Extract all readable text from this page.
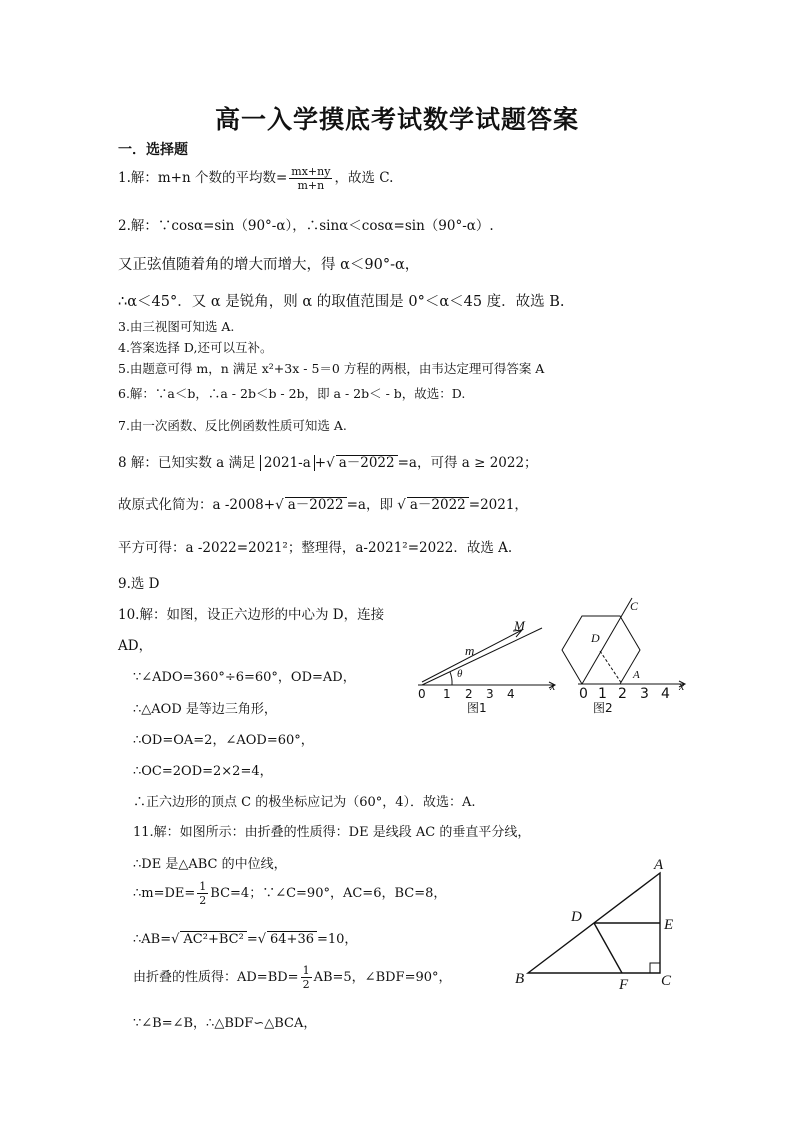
高一入学摸底考试数学试题答案
一．选择题
1.解：m+n 个数的平均数= $\frac{mx+ny}{m+n}$ ，故选 C.
2.解：∵cosα=sin（90°-α），∴sinα＜cosα=sin（90°-α）.
又正弦值随着角的增大而增大，得 α＜90°-α，
∴α＜45°．又 α 是锐角，则 α 的取值范围是 0°＜α＜45 度．故选 B.
3.由三视图可知选 A.
4.答案选择 D,还可以互补。
5.由题意可得 m，n 满足 x²+3x - 5＝0 方程的两根，由韦达定理可得答案 A
6.解：∵a＜b，∴a - 2b＜b - 2b，即 a - 2b＜ - b，故选：D.
7.由一次函数、反比例函数性质可知选 A.
8 解：已知实数 a 满足 2021-a +√ a－2022 =a，可得 a ≥ 2022；
故原式化简为：a -2008+√ a－2022 =a，即 √ a－2022 =2021，
平方可得：a -2022=2021²；整理得，a-2021²=2022．故选 A.
9.选 D
10.解：如图，设正六边形的中心为 D，连接
AD，
∵∠ADO=360°÷6=60°，OD=AD，
∴△AOD 是等边三角形，
∴OD=OA=2，∠AOD=60°，
∴OC=2OD=2×2=4，
∴正六边形的顶点 C 的极坐标应记为（60°，4）．故选：A.
11.解：如图所示：由折叠的性质得：DE 是线段 AC 的垂直平分线，
∴DE 是△ABC 的中位线，
∴m=DE= $\frac{1}{2} BC=4$；∵∠C=90°，AC=6，BC=8，
∴AB=√ AC²+BC² =√ 64+36 =10，
由折叠的性质得：$AD=BD= \frac{1}{2} AB=5$，∠BDF=90°，
∵∠B=∠B，∴△BDF∽△BCA，
m
M
θ
x
0 1 2 3 4
图1
C
D
A
x
0 1 2 3 4
图2
A
B	C
D	E
F
